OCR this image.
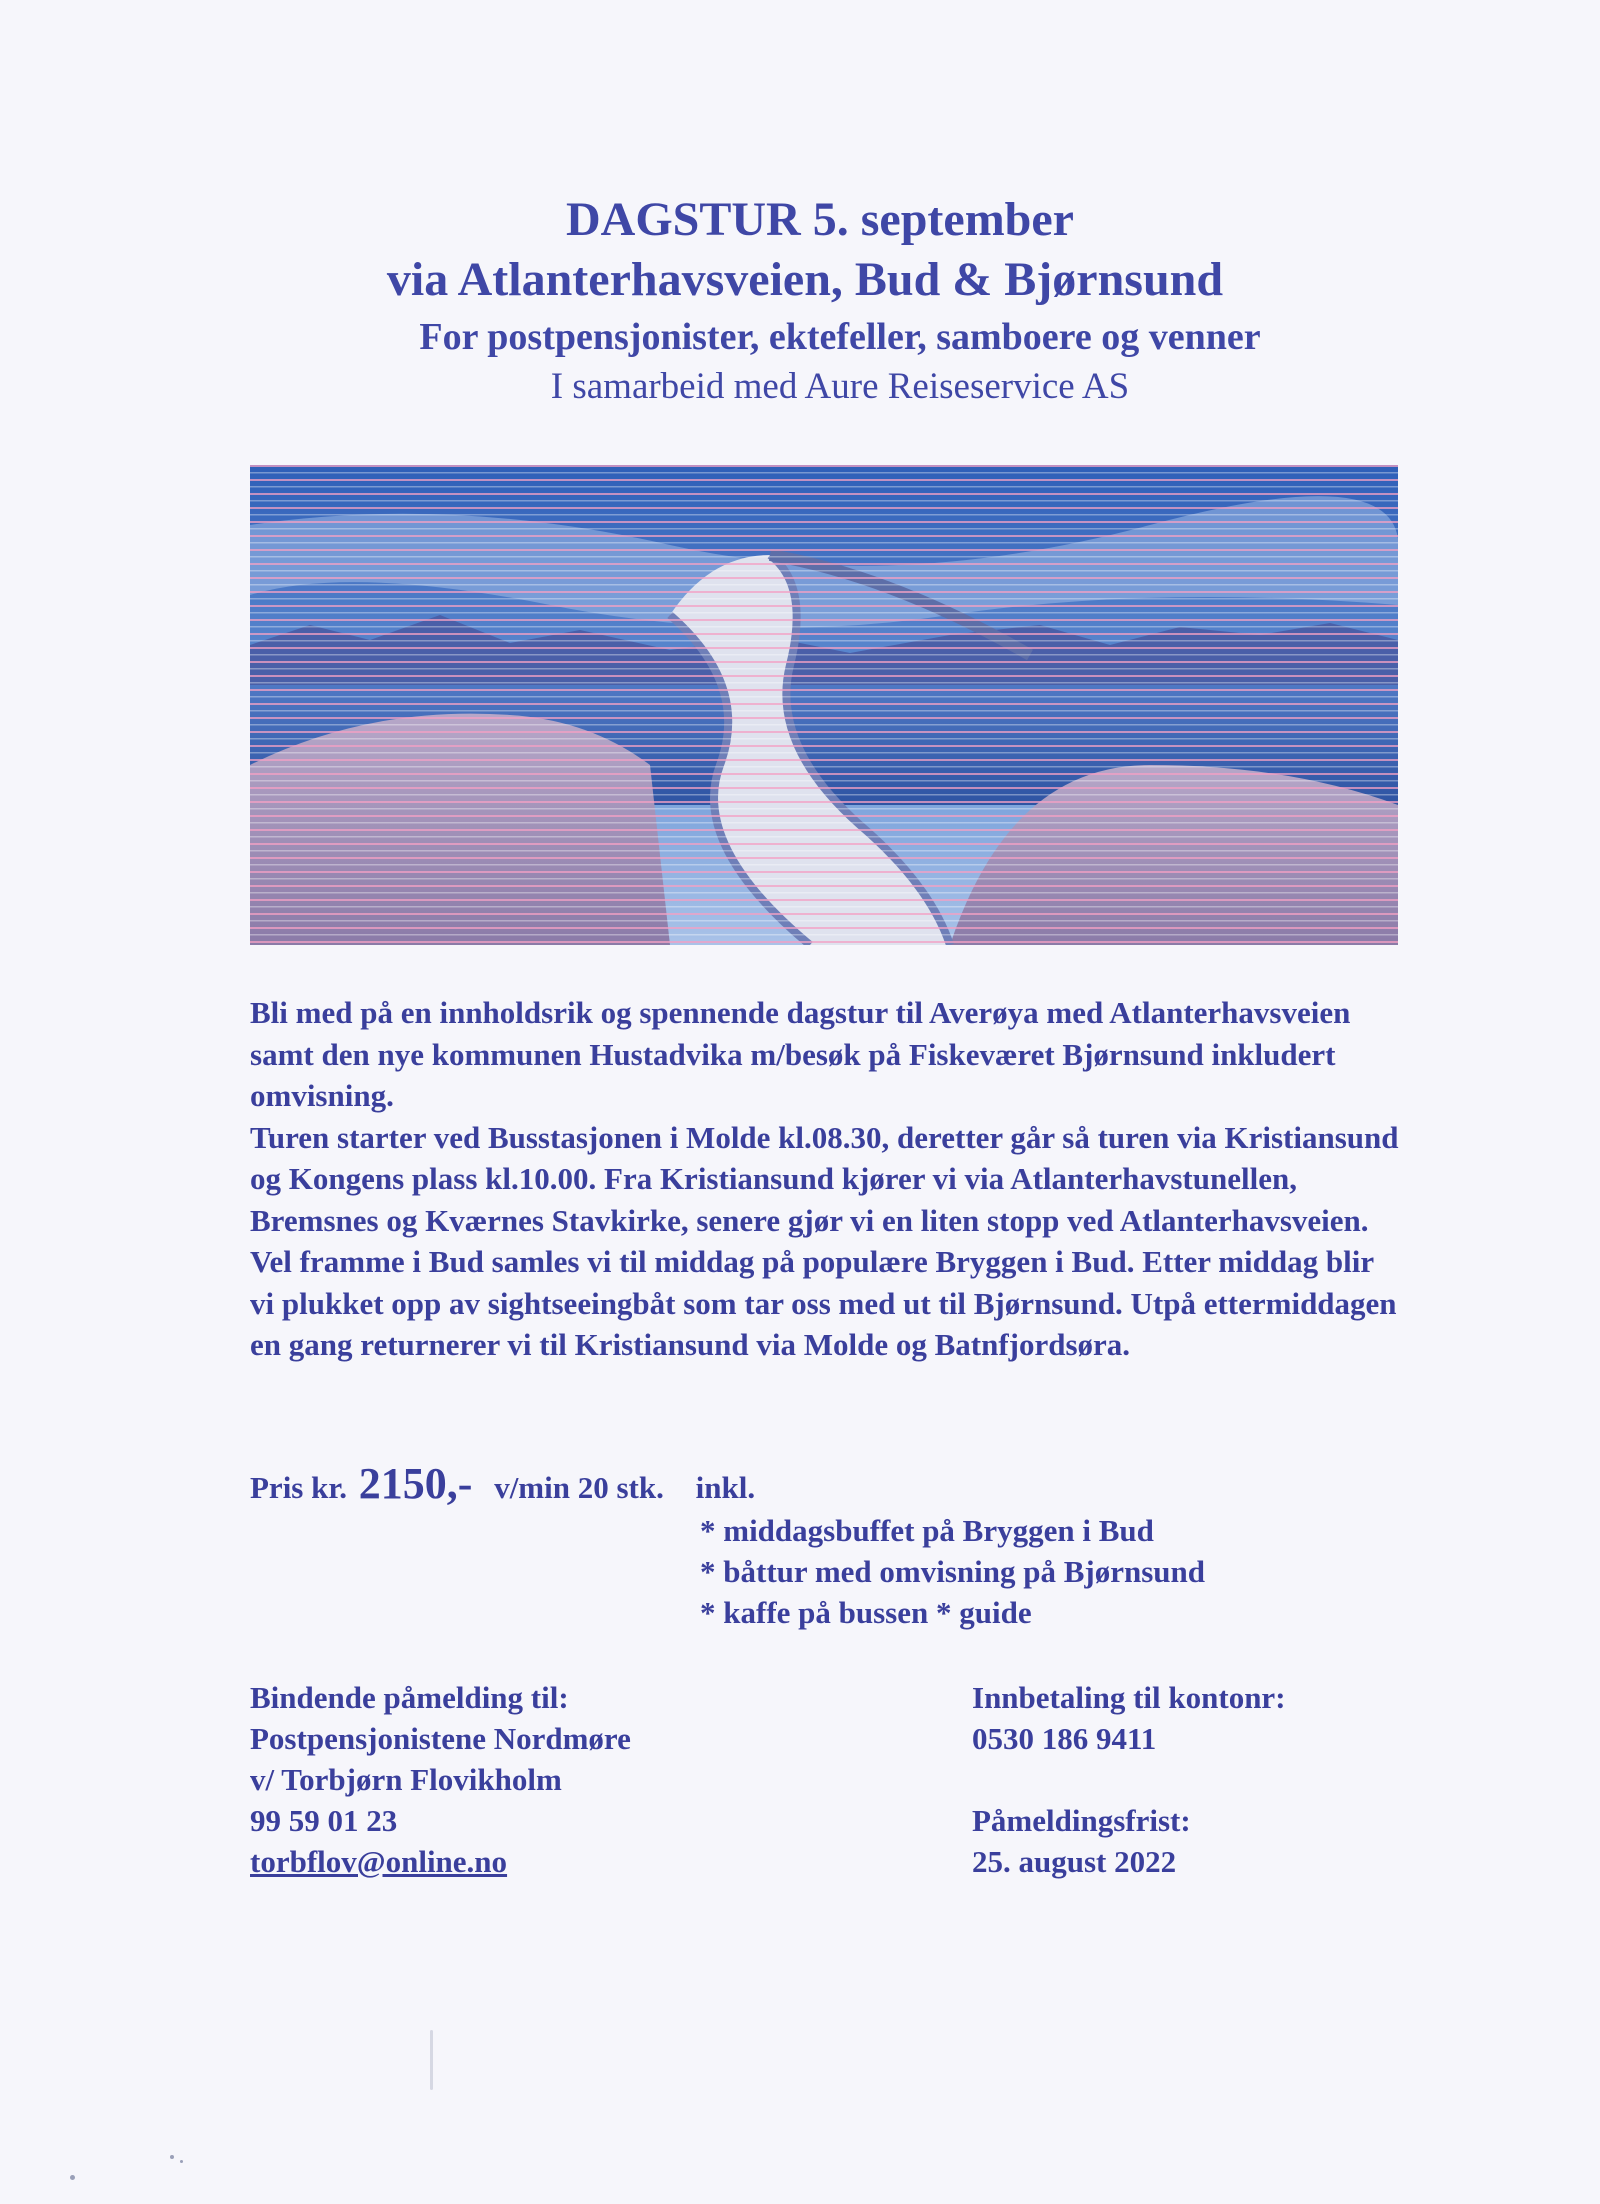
DAGSTUR 5. september
via Atlanterhavsveien, Bud & Bjørnsund
For postpensjonister, ektefeller, samboere og venner
I samarbeid med Aure Reiseservice AS

Bli med på en innholdsrik og spennende dagstur til Averøya med Atlanterhavsveien samt den nye kommunen Hustadvika m/besøk på Fiskeværet Bjørnsund inkludert omvisning.

Turen starter ved Busstasjonen i Molde kl.08.30, deretter går så turen via Kristiansund og Kongens plass kl.10.00. Fra Kristiansund kjører vi via Atlanterhavstunellen, Bremsnes og Kværnes Stavkirke, senere gjør vi en liten stopp ved Atlanterhavsveien. Vel framme i Bud samles vi til middag på populære Bryggen i Bud. Etter middag blir vi plukket opp av sightseeingbåt som tar oss med ut til Bjørnsund. Utpå ettermiddagen en gang returnerer vi til Kristiansund via Molde og Batnfjordsøra.

Pris kr. 2150,- v/min 20 stk. inkl.
* middagsbuffet på Bryggen i Bud
* båttur med omvisning på Bjørnsund
* kaffe på bussen * guide
Bindende påmelding til:
Postpensjonistene Nordmøre
v/ Torbjørn Flovikholm
99 59 01 23
torbflov@online.no
Innbetaling til kontonr:
0530 186 9411
Påmeldingsfrist:
25. august 2022
